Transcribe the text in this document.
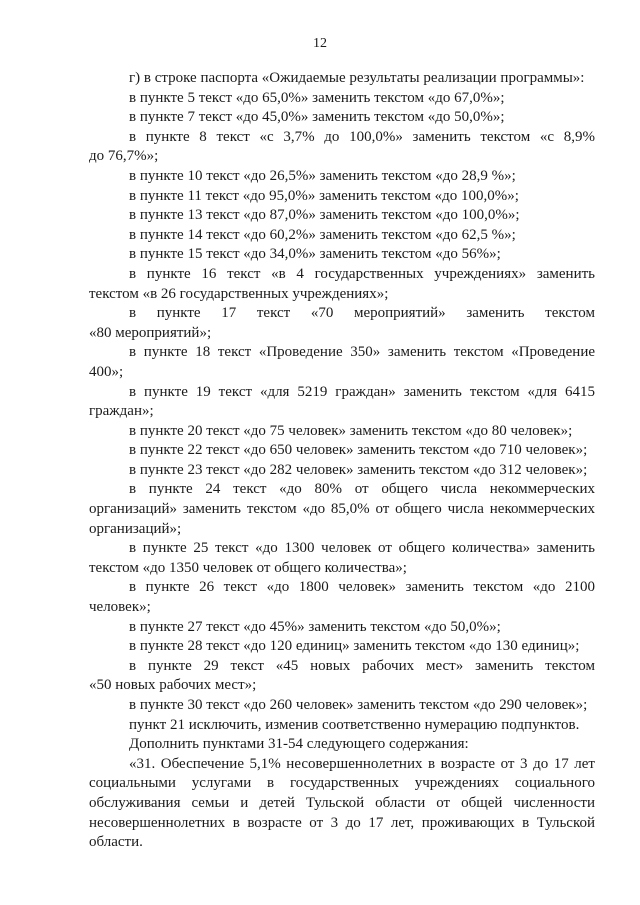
12
г) в строке паспорта «Ожидаемые результаты реализации программы»:
в пункте 5 текст «до 65,0%» заменить текстом «до 67,0%»;
в пункте 7 текст «до 45,0%» заменить текстом «до 50,0%»;
в пункте 8 текст «с 3,7% до 100,0%» заменить текстом «с 8,9%
до 76,7%»;
в пункте 10 текст «до 26,5%» заменить текстом «до 28,9 %»;
в пункте 11 текст «до 95,0%» заменить текстом «до 100,0%»;
в пункте 13 текст «до 87,0%» заменить текстом «до 100,0%»;
в пункте 14 текст «до 60,2%» заменить текстом «до 62,5 %»;
в пункте 15 текст «до 34,0%» заменить текстом «до 56%»;
в пункте 16 текст «в 4 государственных учреждениях» заменить
текстом «в 26 государственных учреждениях»;
в пункте 17 текст «70 мероприятий» заменить текстом
«80 мероприятий»;
в пункте 18 текст «Проведение 350» заменить текстом «Проведение
400»;
в пункте 19 текст «для 5219 граждан» заменить текстом «для 6415
граждан»;
в пункте 20 текст «до 75 человек» заменить текстом «до 80 человек»;
в пункте 22 текст «до 650 человек» заменить текстом «до 710 человек»;
в пункте 23 текст «до 282 человек» заменить текстом «до 312 человек»;
в пункте 24 текст «до 80% от общего числа некоммерческих
организаций» заменить текстом «до 85,0% от общего числа некоммерческих
организаций»;
в пункте 25 текст «до 1300 человек от общего количества» заменить
текстом «до 1350 человек от общего количества»;
в пункте 26 текст «до 1800 человек» заменить текстом «до 2100
человек»;
в пункте 27 текст «до 45%» заменить текстом «до 50,0%»;
в пункте 28 текст «до 120 единиц» заменить текстом «до 130 единиц»;
в пункте 29 текст «45 новых рабочих мест» заменить текстом
«50 новых рабочих мест»;
в пункте 30 текст «до 260 человек» заменить текстом «до 290 человек»;
пункт 21 исключить, изменив соответственно нумерацию подпунктов.
Дополнить пунктами 31-54 следующего содержания:
«31. Обеспечение 5,1% несовершеннолетних в возрасте от 3 до 17 лет
социальными услугами в государственных учреждениях социального
обслуживания семьи и детей Тульской области от общей численности
несовершеннолетних в возрасте от 3 до 17 лет, проживающих в Тульской
области.
